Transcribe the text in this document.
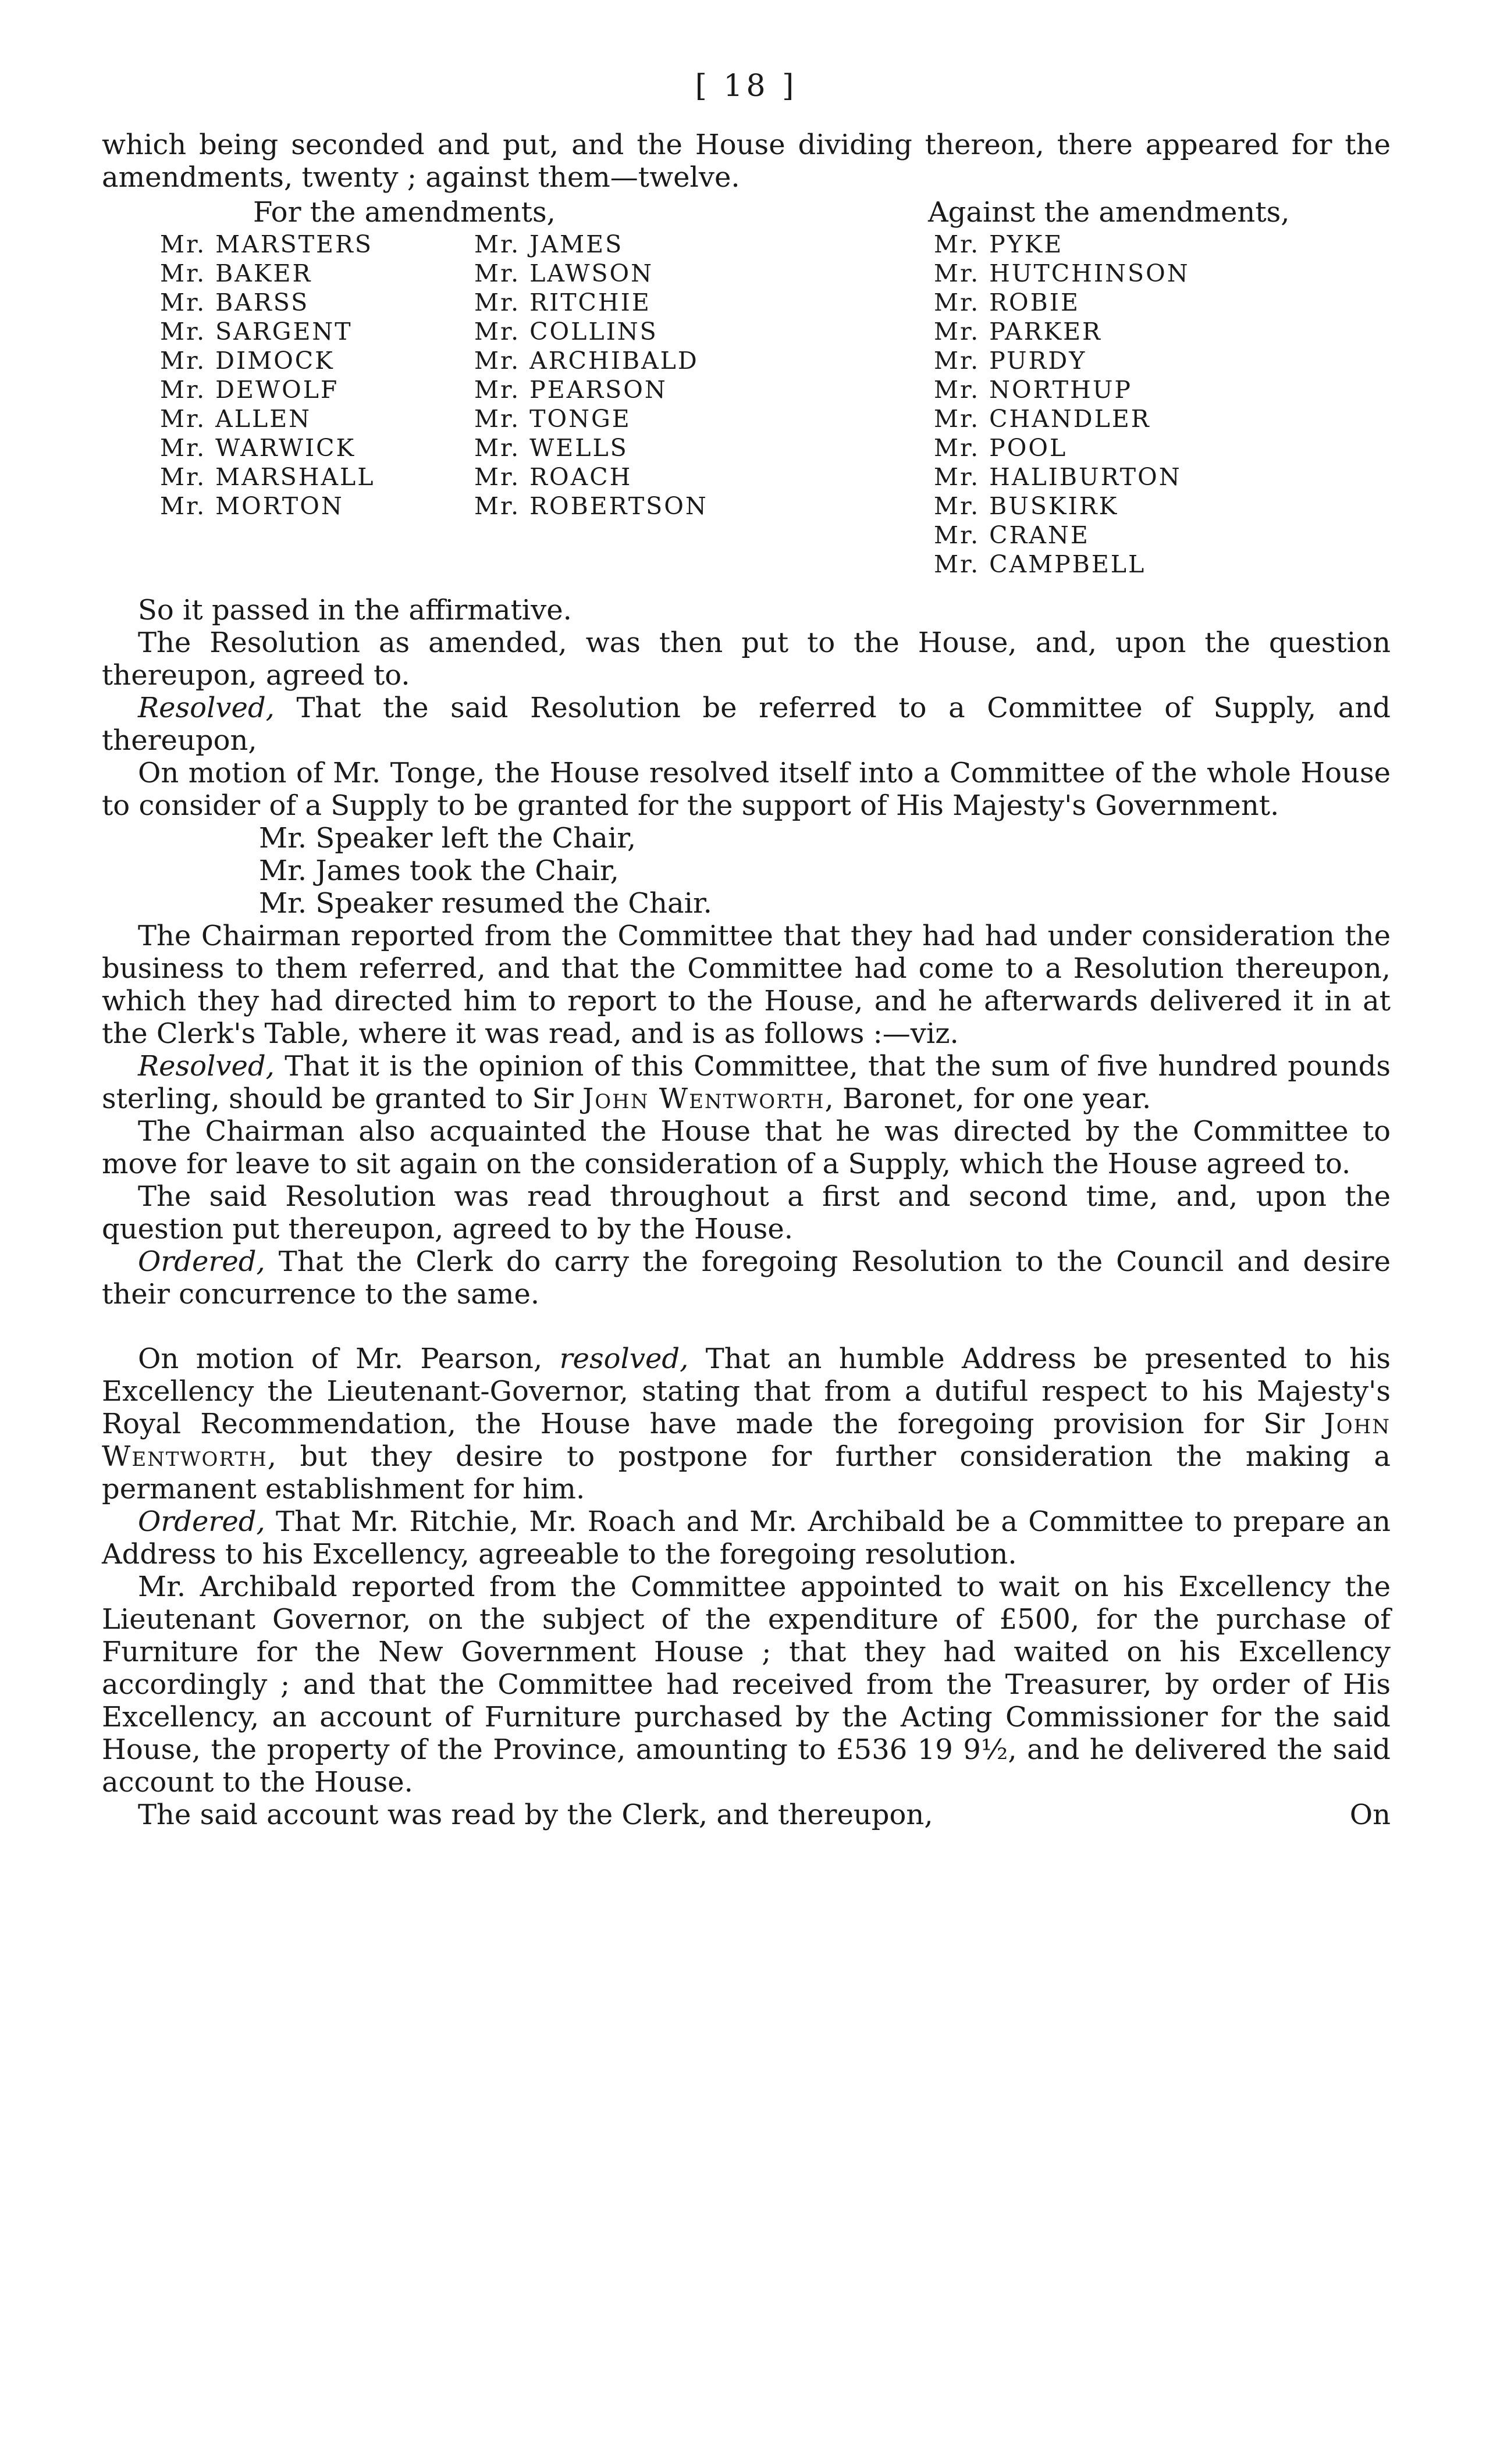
[ 18 ]

which being seconded and put, and the House dividing thereon, there appeared for the amendments, twenty ; against them—twelve.

For the amendments,	Against the amendments,
Mr. MARSTERS
Mr. BAKER
Mr. BARSS
Mr. SARGENT
Mr. DIMOCK
Mr. DEWOLF
Mr. ALLEN
Mr. WARWICK
Mr. MARSHALL
Mr. MORTON
Mr. JAMES
Mr. LAWSON
Mr. RITCHIE
Mr. COLLINS
Mr. ARCHIBALD
Mr. PEARSON
Mr. TONGE
Mr. WELLS
Mr. ROACH
Mr. ROBERTSON
Mr. PYKE
Mr. HUTCHINSON
Mr. ROBIE
Mr. PARKER
Mr. PURDY
Mr. NORTHUP
Mr. CHANDLER
Mr. POOL
Mr. HALIBURTON
Mr. BUSKIRK
Mr. CRANE
Mr. CAMPBELL

So it passed in the affirmative.

The Resolution as amended, was then put to the House, and, upon the question thereupon, agreed to.

Resolved, That the said Resolution be referred to a Committee of Supply, and thereupon,

On motion of Mr. Tonge, the House resolved itself into a Committee of the whole House to consider of a Supply to be granted for the support of His Majesty's Government.

Mr. Speaker left the Chair,
Mr. James took the Chair,
Mr. Speaker resumed the Chair.

The Chairman reported from the Committee that they had had under consideration the business to them referred, and that the Committee had come to a Resolution thereupon, which they had directed him to report to the House, and he afterwards delivered it in at the Clerk's Table, where it was read, and is as follows :—viz.

Resolved, That it is the opinion of this Committee, that the sum of five hundred pounds sterling, should be granted to Sir John Wentworth, Baronet, for one year.

The Chairman also acquainted the House that he was directed by the Committee to move for leave to sit again on the consideration of a Supply, which the House agreed to.

The said Resolution was read throughout a first and second time, and, upon the question put thereupon, agreed to by the House.

Ordered, That the Clerk do carry the foregoing Resolution to the Council and desire their concurrence to the same.

On motion of Mr. Pearson, resolved, That an humble Address be presented to his Excellency the Lieutenant-Governor, stating that from a dutiful respect to his Majesty's Royal Recommendation, the House have made the foregoing provision for Sir John Wentworth, but they desire to postpone for further consideration the making a permanent establishment for him.

Ordered, That Mr. Ritchie, Mr. Roach and Mr. Archibald be a Committee to prepare an Address to his Excellency, agreeable to the foregoing resolution.

Mr. Archibald reported from the Committee appointed to wait on his Excellency the Lieutenant Governor, on the subject of the expenditure of £500, for the purchase of Furniture for the New Government House ; that they had waited on his Excellency accordingly ; and that the Committee had received from the Treasurer, by order of His Excellency, an account of Furniture purchased by the Acting Commissioner for the said House, the property of the Province, amounting to £536 19 9½, and he delivered the said account to the House.

The said account was read by the Clerk, and thereupon,	On
